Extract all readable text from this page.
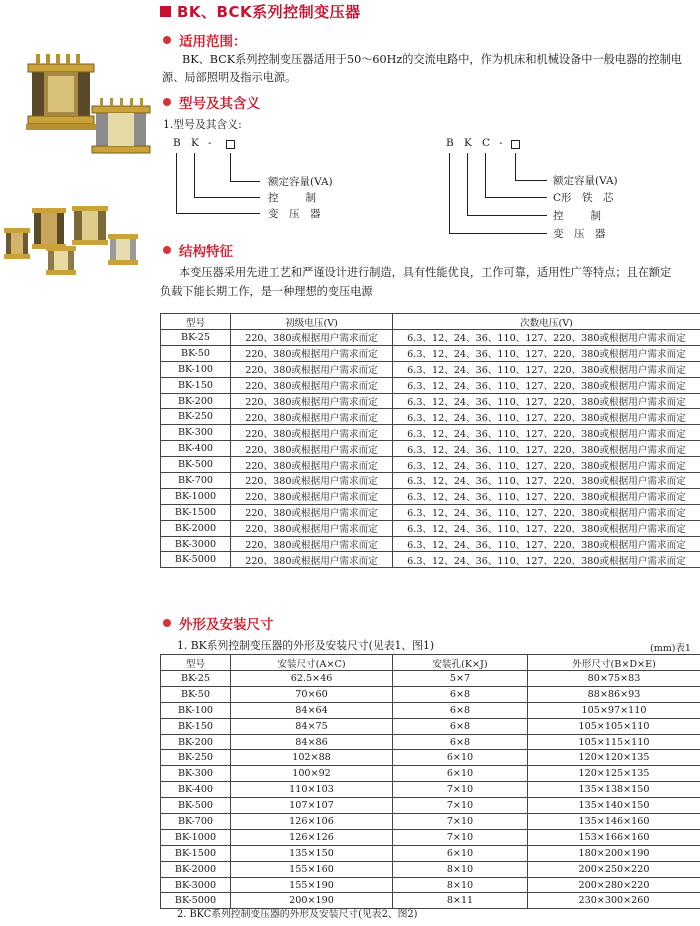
BK、BCK系列控制变压器
适用范围：
BK、BCK系列控制变压器适用于50～60Hz的交流电路中，作为机床和机械设备中一般电器的控制电
源、局部照明及指示电源。
型号及其含义
1.型号及其含义:
B K -
额定容量(VA)
控　　制
变　压　器
B K C -
额定容量(VA)
C形　铁　芯
控　　制
变　压　器
结构特征
本变压器采用先进工艺和严谨设计进行制造，具有性能优良，工作可靠，适用性广等特点；且在额定
负载下能长期工作，是一种理想的变压电源
型号	初级电压(V)	次数电压(V)
BK-25	220、380或根据用户需求而定	6.3、12、24、36、110、127、220、380或根据用户需求而定
BK-50	220、380或根据用户需求而定	6.3、12、24、36、110、127、220、380或根据用户需求而定
BK-100	220、380或根据用户需求而定	6.3、12、24、36、110、127、220、380或根据用户需求而定
BK-150	220、380或根据用户需求而定	6.3、12、24、36、110、127、220、380或根据用户需求而定
BK-200	220、380或根据用户需求而定	6.3、12、24、36、110、127、220、380或根据用户需求而定
BK-250	220、380或根据用户需求而定	6.3、12、24、36、110、127、220、380或根据用户需求而定
BK-300	220、380或根据用户需求而定	6.3、12、24、36、110、127、220、380或根据用户需求而定
BK-400	220、380或根据用户需求而定	6.3、12、24、36、110、127、220、380或根据用户需求而定
BK-500	220、380或根据用户需求而定	6.3、12、24、36、110、127、220、380或根据用户需求而定
BK-700	220、380或根据用户需求而定	6.3、12、24、36、110、127、220、380或根据用户需求而定
BK-1000	220、380或根据用户需求而定	6.3、12、24、36、110、127、220、380或根据用户需求而定
BK-1500	220、380或根据用户需求而定	6.3、12、24、36、110、127、220、380或根据用户需求而定
BK-2000	220、380或根据用户需求而定	6.3、12、24、36、110、127、220、380或根据用户需求而定
BK-3000	220、380或根据用户需求而定	6.3、12、24、36、110、127、220、380或根据用户需求而定
BK-5000	220、380或根据用户需求而定	6.3、12、24、36、110、127、220、380或根据用户需求而定
外形及安装尺寸
1. BK系列控制变压器的外形及安装尺寸(见表1、图1)	(mm)表1
型号	安装尺寸(A×C)	安装孔(K×J)	外形尺寸(B×D×E)
BK-25	62.5×46	5×7	80×75×83
BK-50	70×60	6×8	88×86×93
BK-100	84×64	6×8	105×97×110
BK-150	84×75	6×8	105×105×110
BK-200	84×86	6×8	105×115×110
BK-250	102×88	6×10	120×120×135
BK-300	100×92	6×10	120×125×135
BK-400	110×103	7×10	135×138×150
BK-500	107×107	7×10	135×140×150
BK-700	126×106	7×10	135×146×160
BK-1000	126×126	7×10	153×166×160
BK-1500	135×150	6×10	180×200×190
BK-2000	155×160	8×10	200×250×220
BK-3000	155×190	8×10	200×280×220
BK-5000	200×190	8×11	230×300×260
2. BKC系列控制变压器的外形及安装尺寸(见表2、图2)
